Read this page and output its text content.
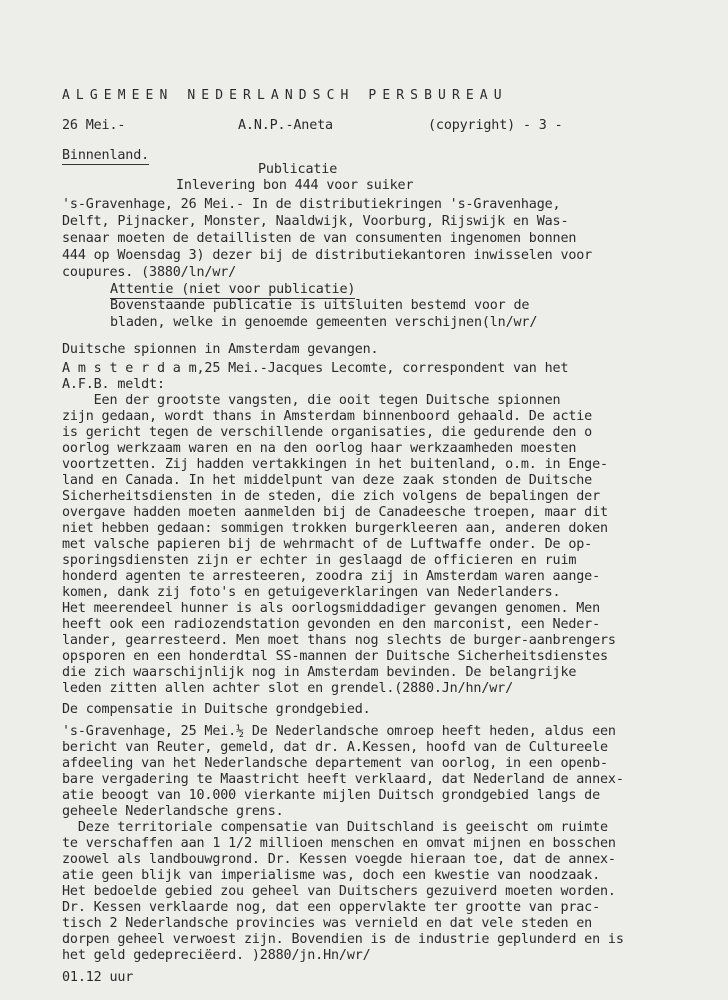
ALGEMEEN NEDERLANDSCH PERSBUREAU
26 Mei.-	A.N.P.-Aneta	(copyright) - 3 -
Binnenland.
Publicatie
Inlevering bon 444 voor suiker
's-Gravenhage, 26 Mei.- In de distributiekringen 's-Gravenhage,
Delft, Pijnacker, Monster, Naaldwijk, Voorburg, Rijswijk en Was-
senaar moeten de detaillisten de van consumenten ingenomen bonnen
444 op Woensdag 3) dezer bij de distributiekantoren inwisselen voor
coupures. (3880/ln/wr/
Attentie (niet voor publicatie)
Bovenstaande publicatie is uitsluiten bestemd voor de
bladen, welke in genoemde gemeenten verschijnen(ln/wr/
Duitsche spionnen in Amsterdam gevangen.
A m s t e r d a m,25 Mei.-Jacques Lecomte, correspondent van het
A.F.B. meldt:
Een der grootste vangsten, die ooit tegen Duitsche spionnen
zijn gedaan, wordt thans in Amsterdam binnenboord gehaald. De actie
is gericht tegen de verschillende organisaties, die gedurende den o
oorlog werkzaam waren en na den oorlog haar werkzaamheden moesten
voortzetten. Zij hadden vertakkingen in het buitenland, o.m. in Enge-
land en Canada. In het middelpunt van deze zaak stonden de Duitsche
Sicherheitsdiensten in de steden, die zich volgens de bepalingen der
overgave hadden moeten aanmelden bij de Canadeesche troepen, maar dit
niet hebben gedaan: sommigen trokken burgerkleeren aan, anderen doken
met valsche papieren bij de wehrmacht of de Luftwaffe onder. De op-
sporingsdiensten zijn er echter in geslaagd de officieren en ruim
honderd agenten te arresteeren, zoodra zij in Amsterdam waren aange-
komen, dank zij foto's en getuigeverklaringen van Nederlanders.
Het meerendeel hunner is als oorlogsmiddadiger gevangen genomen. Men
heeft ook een radiozendstation gevonden en den marconist, een Neder-
lander, gearresteerd. Men moet thans nog slechts de burger-aanbrengers
opsporen en een honderdtal SS-mannen der Duitsche Sicherheitsdienstes
die zich waarschijnlijk nog in Amsterdam bevinden. De belangrijke
leden zitten allen achter slot en grendel.(2880.Jn/hn/wr/
De compensatie in Duitsche grondgebied.
's-Gravenhage, 25 Mei.½ De Nederlandsche omroep heeft heden, aldus een
bericht van Reuter, gemeld, dat dr. A.Kessen, hoofd van de Cultureele
afdeeling van het Nederlandsche departement van oorlog, in een openb-
bare vergadering te Maastricht heeft verklaard, dat Nederland de annex-
atie beoogt van 10.000 vierkante mijlen Duitsch grondgebied langs de
geheele Nederlandsche grens.
Deze territoriale compensatie van Duitschland is geeischt om ruimte
te verschaffen aan 1 1/2 millioen menschen en omvat mijnen en bosschen
zoowel als landbouwgrond. Dr. Kessen voegde hieraan toe, dat de annex-
atie geen blijk van imperialisme was, doch een kwestie van noodzaak.
Het bedoelde gebied zou geheel van Duitschers gezuiverd moeten worden.
Dr. Kessen verklaarde nog, dat een oppervlakte ter grootte van prac-
tisch 2 Nederlandsche provincies was vernield en dat vele steden en
dorpen geheel verwoest zijn. Bovendien is de industrie geplunderd en is
het geld gedepreciëerd. )2880/jn.Hn/wr/
01.12 uur
